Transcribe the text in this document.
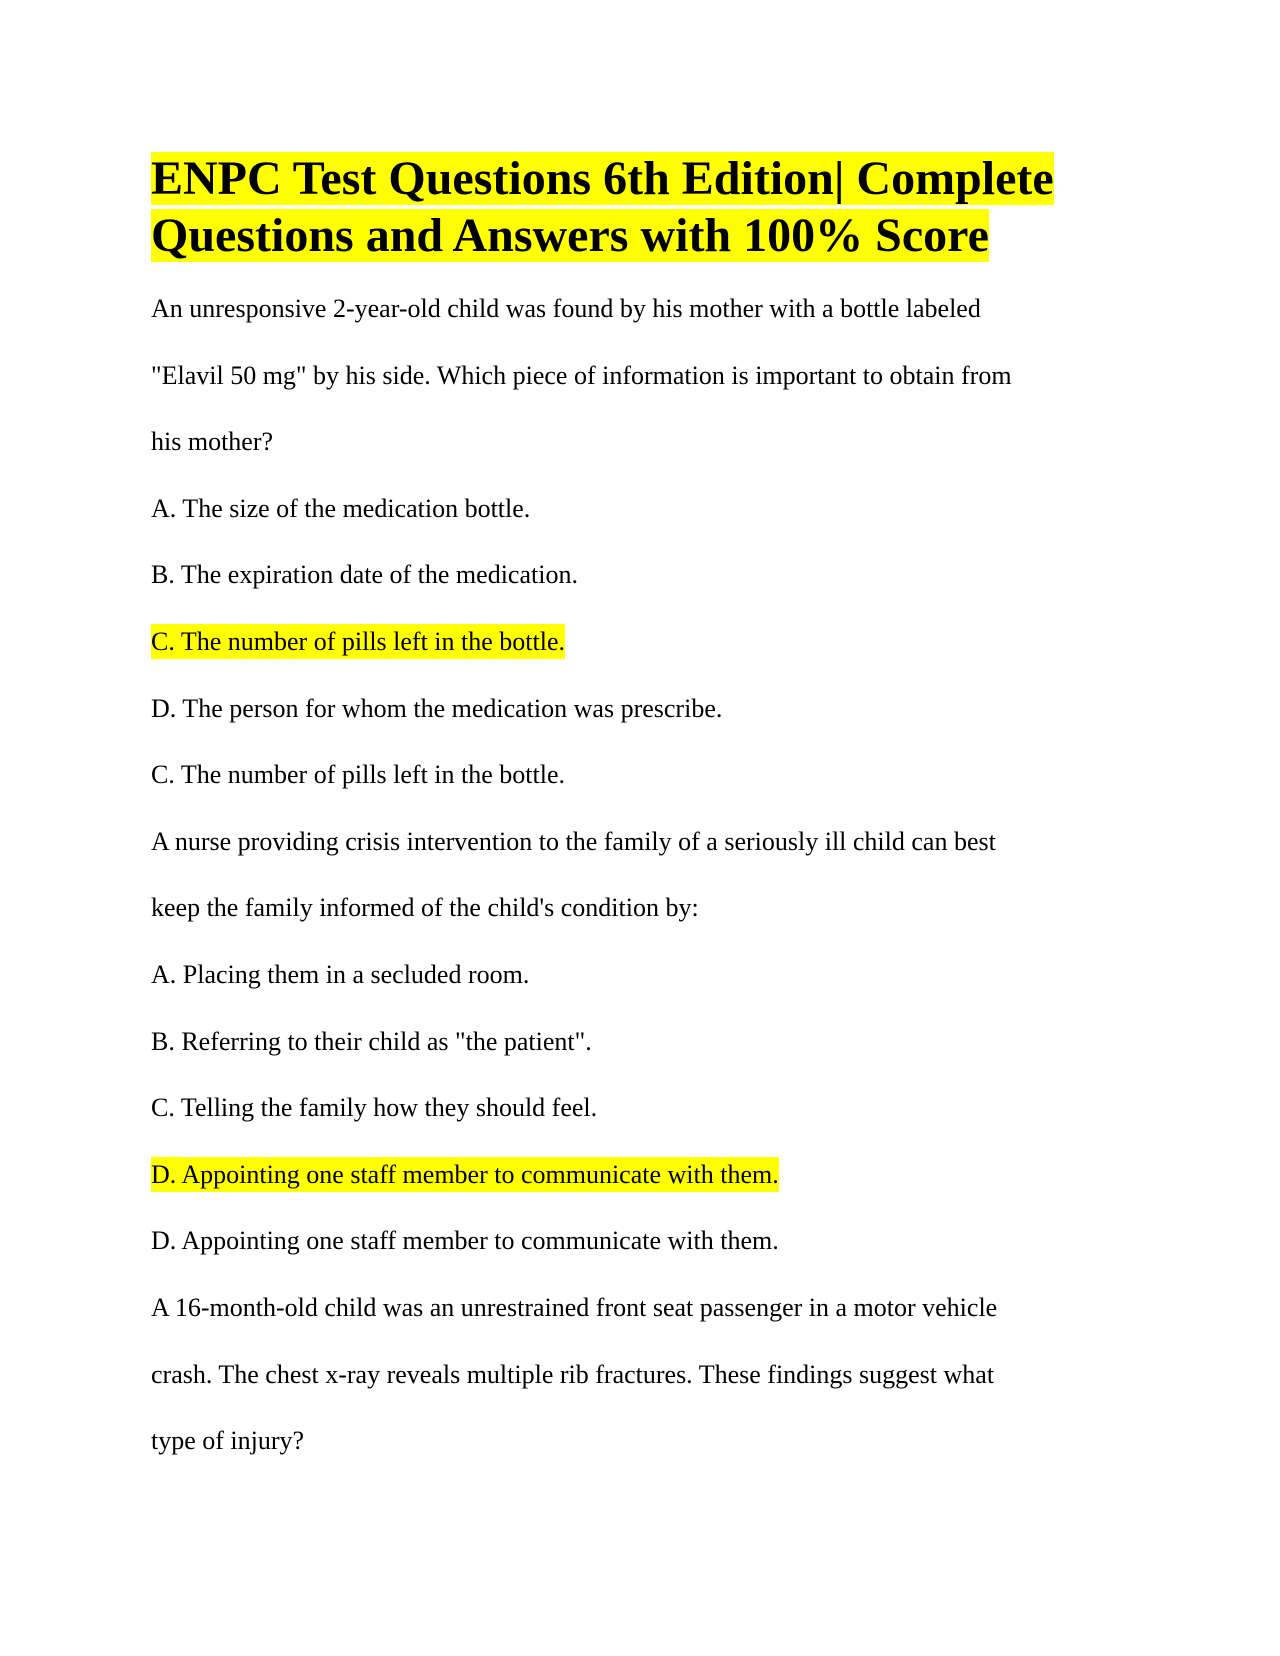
ENPC Test Questions 6th Edition| Complete Questions and Answers with 100% Score
An unresponsive 2-year-old child was found by his mother with a bottle labeled
"Elavil 50 mg" by his side. Which piece of information is important to obtain from
his mother?
A. The size of the medication bottle.
B. The expiration date of the medication.
C. The number of pills left in the bottle.
D. The person for whom the medication was prescribe.
C. The number of pills left in the bottle.
A nurse providing crisis intervention to the family of a seriously ill child can best
keep the family informed of the child's condition by:
A. Placing them in a secluded room.
B. Referring to their child as "the patient".
C. Telling the family how they should feel.
D. Appointing one staff member to communicate with them.
D. Appointing one staff member to communicate with them.
A 16-month-old child was an unrestrained front seat passenger in a motor vehicle
crash. The chest x-ray reveals multiple rib fractures. These findings suggest what
type of injury?
